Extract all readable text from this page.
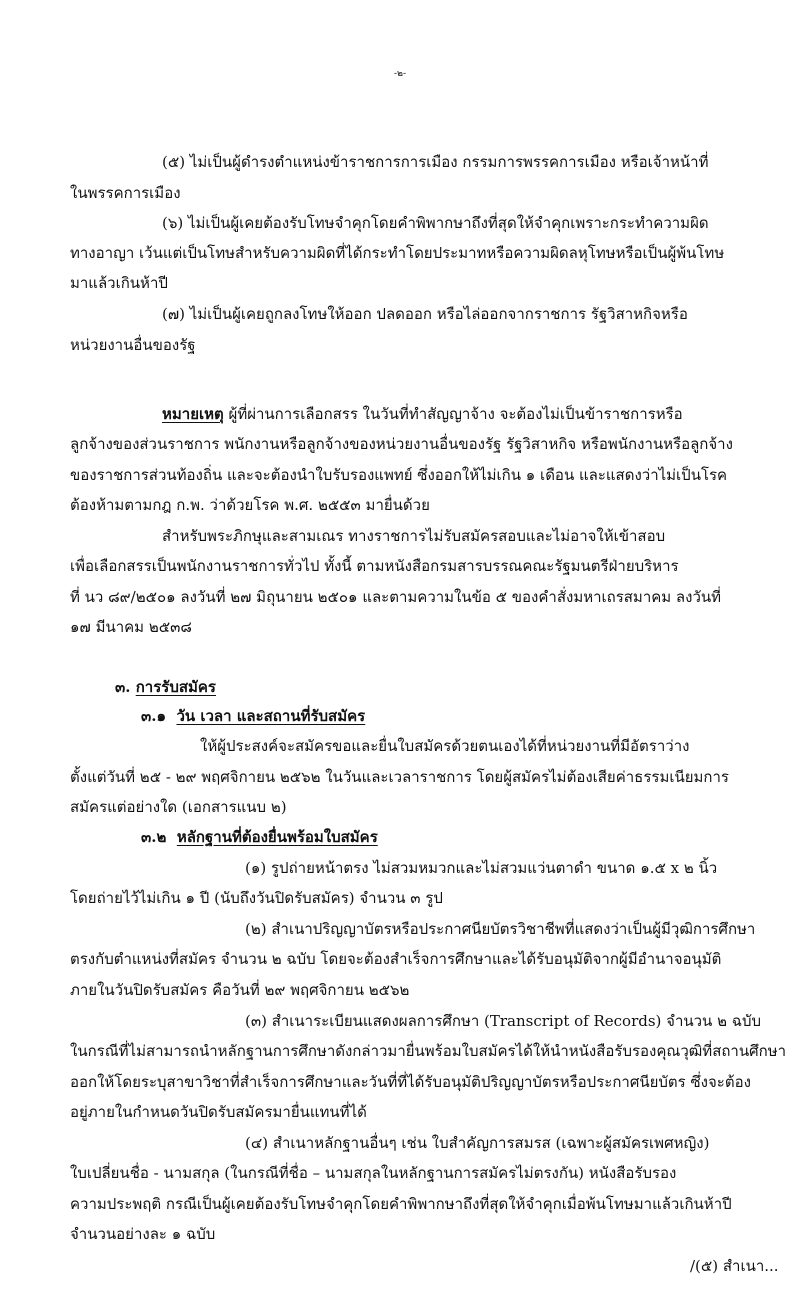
-๒-
(๕) ไม่เป็นผู้ดำรงตำแหน่งข้าราชการการเมือง กรรมการพรรคการเมือง หรือเจ้าหน้าที่
ในพรรคการเมือง
(๖) ไม่เป็นผู้เคยต้องรับโทษจำคุกโดยคำพิพากษาถึงที่สุดให้จำคุกเพราะกระทำความผิด
ทางอาญา เว้นแต่เป็นโทษสำหรับความผิดที่ได้กระทำโดยประมาทหรือความผิดลหุโทษหรือเป็นผู้พ้นโทษ
มาแล้วเกินห้าปี
(๗) ไม่เป็นผู้เคยถูกลงโทษให้ออก ปลดออก หรือไล่ออกจากราชการ รัฐวิสาหกิจหรือ
หน่วยงานอื่นของรัฐ
หมายเหตุ ผู้ที่ผ่านการเลือกสรร ในวันที่ทำสัญญาจ้าง จะต้องไม่เป็นข้าราชการหรือ
ลูกจ้างของส่วนราชการ พนักงานหรือลูกจ้างของหน่วยงานอื่นของรัฐ รัฐวิสาหกิจ หรือพนักงานหรือลูกจ้าง
ของราชการส่วนท้องถิ่น และจะต้องนำใบรับรองแพทย์ ซึ่งออกให้ไม่เกิน ๑ เดือน และแสดงว่าไม่เป็นโรค
ต้องห้ามตามกฎ ก.พ. ว่าด้วยโรค พ.ศ. ๒๕๕๓ มายื่นด้วย
สำหรับพระภิกษุและสามเณร ทางราชการไม่รับสมัครสอบและไม่อาจให้เข้าสอบ
เพื่อเลือกสรรเป็นพนักงานราชการทั่วไป ทั้งนี้ ตามหนังสือกรมสารบรรณคณะรัฐมนตรีฝ่ายบริหาร
ที่ นว ๘๙/๒๕๐๑ ลงวันที่ ๒๗ มิถุนายน ๒๕๐๑ และตามความในข้อ ๕ ของคำสั่งมหาเถรสมาคม ลงวันที่
๑๗ มีนาคม ๒๕๓๘
๓. การรับสมัคร
๓.๑ วัน เวลา และสถานที่รับสมัคร
ให้ผู้ประสงค์จะสมัครขอและยื่นใบสมัครด้วยตนเองได้ที่หน่วยงานที่มีอัตราว่าง
ตั้งแต่วันที่ ๒๕ - ๒๙ พฤศจิกายน ๒๕๖๒ ในวันและเวลาราชการ โดยผู้สมัครไม่ต้องเสียค่าธรรมเนียมการ
สมัครแต่อย่างใด (เอกสารแนบ ๒)
๓.๒ หลักฐานที่ต้องยื่นพร้อมใบสมัคร
(๑) รูปถ่ายหน้าตรง ไม่สวมหมวกและไม่สวมแว่นตาดำ ขนาด ๑.๕ x ๒ นิ้ว
โดยถ่ายไว้ไม่เกิน ๑ ปี (นับถึงวันปิดรับสมัคร) จำนวน ๓ รูป
(๒) สำเนาปริญญาบัตรหรือประกาศนียบัตรวิชาชีพที่แสดงว่าเป็นผู้มีวุฒิการศึกษา
ตรงกับตำแหน่งที่สมัคร จำนวน ๒ ฉบับ โดยจะต้องสำเร็จการศึกษาและได้รับอนุมัติจากผู้มีอำนาจอนุมัติ
ภายในวันปิดรับสมัคร คือวันที่ ๒๙ พฤศจิกายน ๒๕๖๒
(๓) สำเนาระเบียนแสดงผลการศึกษา (Transcript of Records) จำนวน ๒ ฉบับ
ในกรณีที่ไม่สามารถนำหลักฐานการศึกษาดังกล่าวมายื่นพร้อมใบสมัครได้ให้นำหนังสือรับรองคุณวุฒิที่สถานศึกษา
ออกให้โดยระบุสาขาวิชาที่สำเร็จการศึกษาและวันที่ที่ได้รับอนุมัติปริญญาบัตรหรือประกาศนียบัตร ซึ่งจะต้อง
อยู่ภายในกำหนดวันปิดรับสมัครมายื่นแทนที่ได้
(๔) สำเนาหลักฐานอื่นๆ เช่น ใบสำคัญการสมรส (เฉพาะผู้สมัครเพศหญิง)
ใบเปลี่ยนชื่อ - นามสกุล (ในกรณีที่ชื่อ – นามสกุลในหลักฐานการสมัครไม่ตรงกัน) หนังสือรับรอง
ความประพฤติ กรณีเป็นผู้เคยต้องรับโทษจำคุกโดยคำพิพากษาถึงที่สุดให้จำคุกเมื่อพ้นโทษมาแล้วเกินห้าปี
จำนวนอย่างละ ๑ ฉบับ
/(๕) สำเนา...
